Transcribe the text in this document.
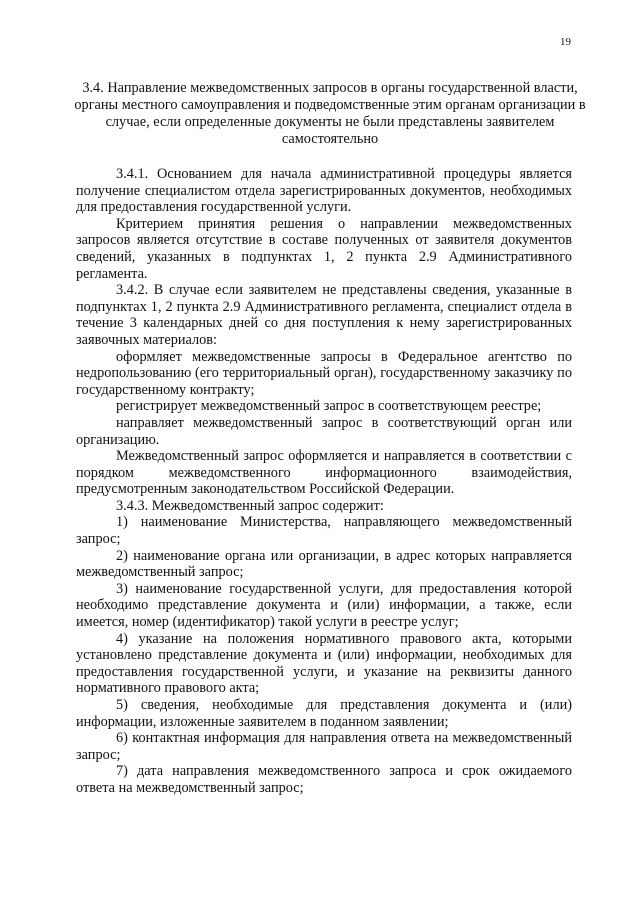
19
3.4. Направление межведомственных запросов в органы государственной власти, органы местного самоуправления и подведомственные этим органам организации в случае, если определенные документы не были представлены заявителем самостоятельно

3.4.1. Основанием для начала административной процедуры является получение специалистом отдела зарегистрированных документов, необходимых для предоставления государственной услуги.

Критерием принятия решения о направлении межведомственных запросов является отсутствие в составе полученных от заявителя документов сведений, указанных в подпунктах 1, 2 пункта 2.9 Административного регламента.

3.4.2. В случае если заявителем не представлены сведения, указанные в подпунктах 1, 2 пункта 2.9 Административного регламента, специалист отдела в течение 3 календарных дней со дня поступления к нему зарегистрированных заявочных материалов:

оформляет межведомственные запросы в Федеральное агентство по недропользованию (его территориальный орган), государственному заказчику по государственному контракту;

регистрирует межведомственный запрос в соответствующем реестре;

направляет межведомственный запрос в соответствующий орган или организацию.

Межведомственный запрос оформляется и направляется в соответствии с порядком межведомственного информационного взаимодействия, предусмотренным законодательством Российской Федерации.

3.4.3. Межведомственный запрос содержит:

1) наименование Министерства, направляющего межведомственный запрос;

2) наименование органа или организации, в адрес которых направляется межведомственный запрос;

3) наименование государственной услуги, для предоставления которой необходимо представление документа и (или) информации, а также, если имеется, номер (идентификатор) такой услуги в реестре услуг;

4) указание на положения нормативного правового акта, которыми установлено представление документа и (или) информации, необходимых для предоставления государственной услуги, и указание на реквизиты данного нормативного правового акта;

5) сведения, необходимые для представления документа и (или) информации, изложенные заявителем в поданном заявлении;

6) контактная информация для направления ответа на межведомственный запрос;

7) дата направления межведомственного запроса и срок ожидаемого ответа на межведомственный запрос;
